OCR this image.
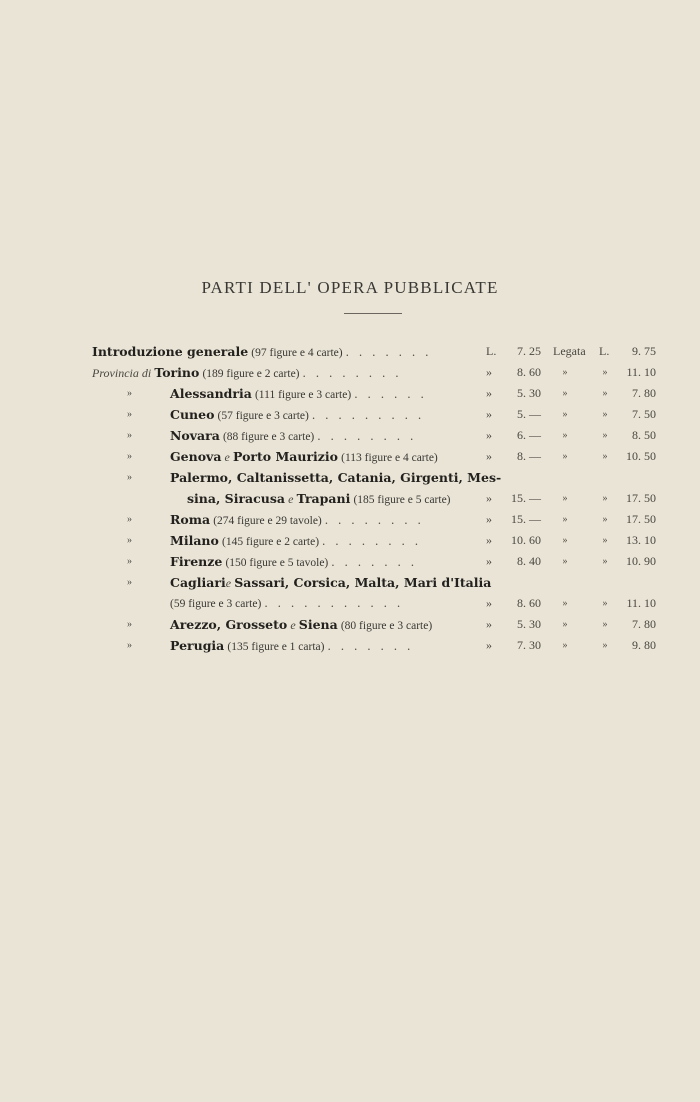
PARTI DELL' OPERA PUBBLICATE
Introduzione generale (97 figure e 4 carte) . . . . . . .	L.	7. 25 Legata L.	9. 75
Provincia di Torino (189 figure e 2 carte) . . . . . . . .	»	8. 60	»	»	11. 10
»	Alessandria (111 figure e 3 carte) . . . . . .	»	5. 30	»	»	7. 80
»	Cuneo (57 figure e 3 carte) . . . . . . . . .	»	5. —	»	»	7. 50
»	Novara (88 figure e 3 carte) . . . . . . . .	»	6. —	»	»	8. 50
»	Genova e Porto Maurizio (113 figure e 4 carte)	»	8. —	»	»	10. 50
»	Palermo, Caltanissetta, Catania, Girgenti, Mes-
sina, Siracusa e Trapani (185 figure e 5 carte)	»	15. —	»	»	17. 50
»	Roma (274 figure e 29 tavole) . . . . . . . .	»	15. —	»	»	17. 50
»	Milano (145 figure e 2 carte) . . . . . . . .	»	10. 60	»	»	13. 10
»	Firenze (150 figure e 5 tavole) . . . . . . .	»	8. 40	»	»	10. 90
»	Cagliarie Sassari, Corsica, Malta, Mari d'Italia
(59 figure e 3 carte) . . . . . . . . . . .	»	8. 60	»	»	11. 10
»	Arezzo, Grosseto e Siena (80 figure e 3 carte)	»	5. 30	»	»	7. 80
»	Perugia (135 figure e 1 carta) . . . . . . .	»	7. 30	»	»	9. 80
